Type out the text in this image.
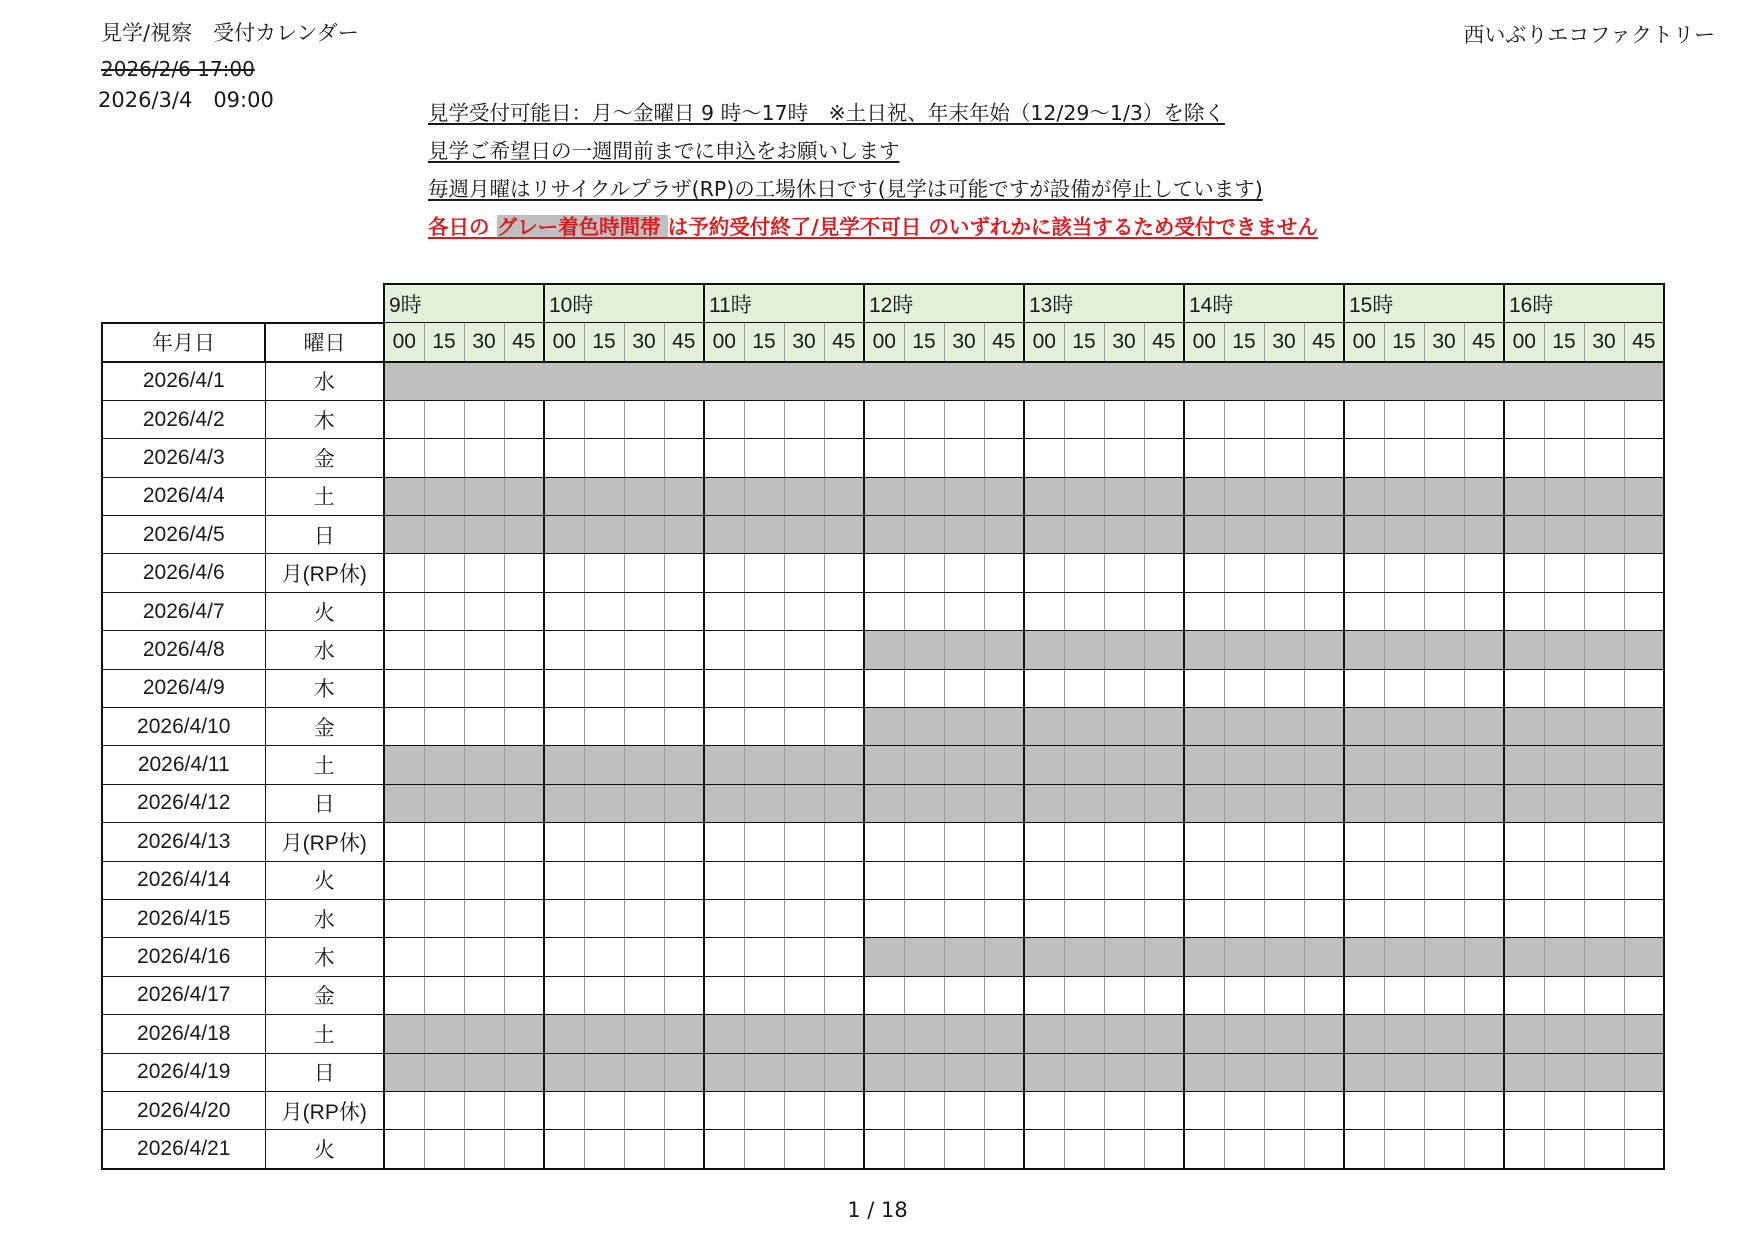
見学/視察　受付カレンダー	西いぶりエコファクトリー
2026/2/6 17:00
2026/3/4　09:00
見学受付可能日：月～金曜日 9 時～17時　※土日祝、年末年始（12/29～1/3）を除く
見学ご希望日の一週間前までに申込をお願いします
毎週月曜はリサイクルプラザ(RP)の工場休日です(見学は可能ですが設備が停止しています)
各日の グレー着色時間帯 は予約受付終了/見学不可日 のいずれかに該当するため受付できません
		9時				10時				11時				12時				13時				14時				15時				16時			
年月日	曜日	00	15	30	45	00	15	30	45	00	15	30	45	00	15	30	45	00	15	30	45	00	15	30	45	00	15	30	45	00	15	30	45
2026/4/1	水																																
2026/4/2	木																																
2026/4/3	金																																
2026/4/4	土																																
2026/4/5	日																																
2026/4/6	月(RP休)																																
2026/4/7	火																																
2026/4/8	水																																
2026/4/9	木																																
2026/4/10	金																																
2026/4/11	土																																
2026/4/12	日																																
2026/4/13	月(RP休)																																
2026/4/14	火																																
2026/4/15	水																																
2026/4/16	木																																
2026/4/17	金																																
2026/4/18	土																																
2026/4/19	日																																
2026/4/20	月(RP休)																																
2026/4/21	火																																
1 / 18
